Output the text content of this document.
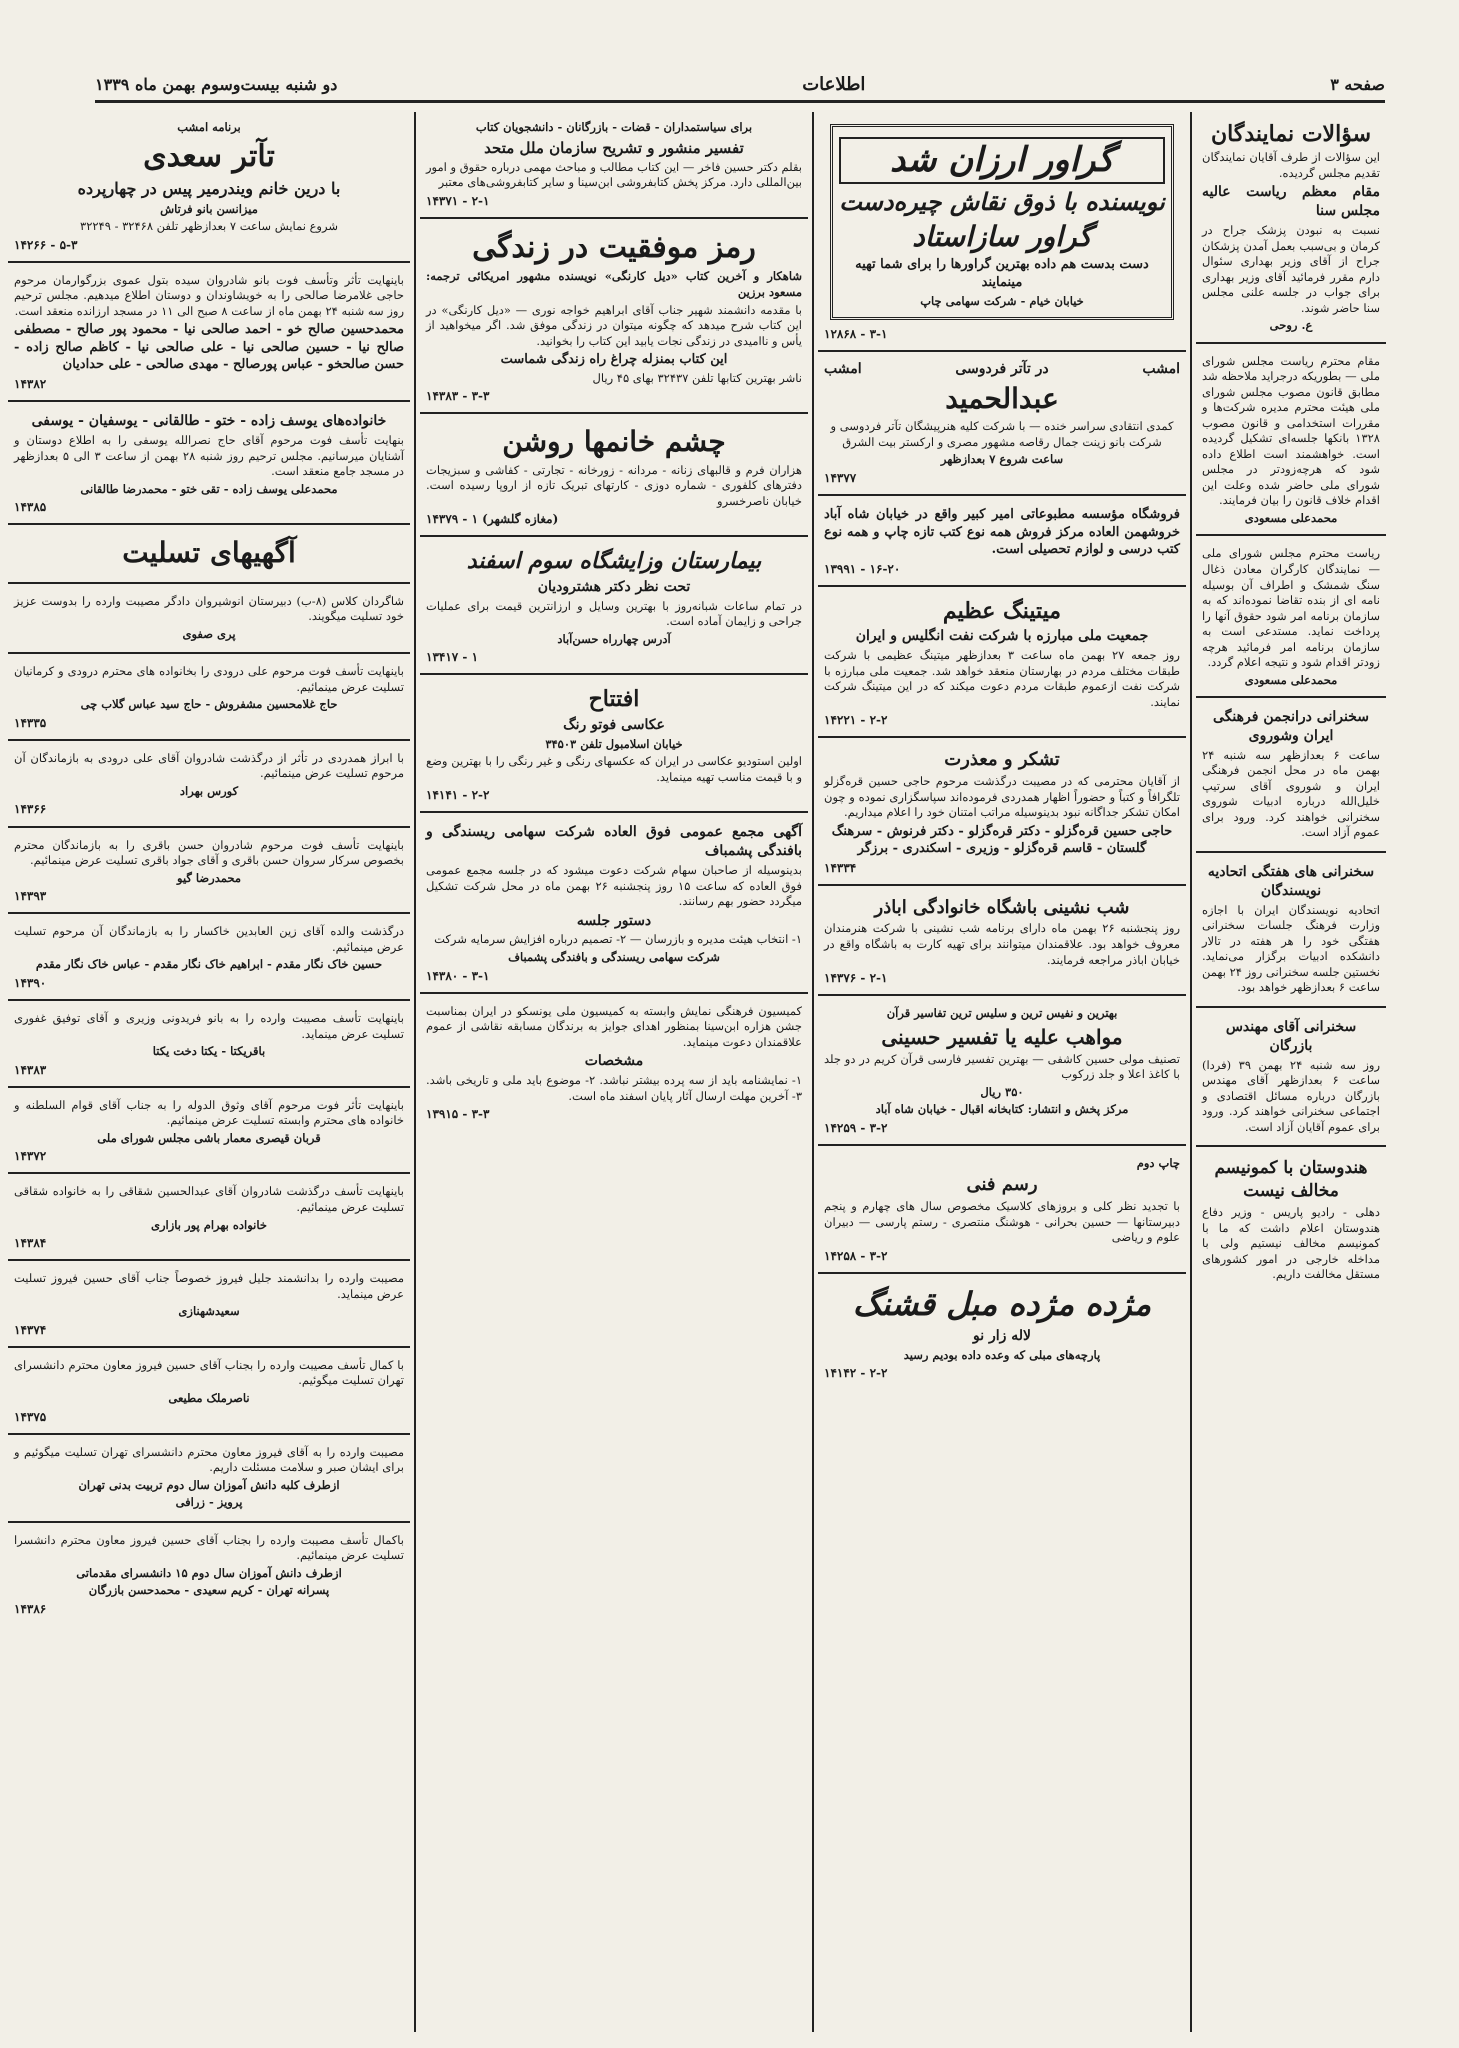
صفحه ۳
اطلاعات
دو شنبه بیست‌وسوم بهمن ماه ۱۳۳۹
سؤالات نمایندگان
این سؤالات از طرف آقایان نمایندگان تقدیم مجلس گردیده.
مقام معظم ریاست عالیه مجلس سنا
نسبت به نبودن پزشک جراح در کرمان و بی‌سبب بعمل آمدن پزشکان جراح از آقای وزیر بهداری سئوال دارم مقرر فرمائید آقای وزیر بهداری برای جواب در جلسه علنی مجلس سنا حاضر شوند.
ع. روحی
مقام محترم ریاست مجلس شورای ملی — بطوریکه درجراید ملاحظه شد مطابق قانون مصوب مجلس شورای ملی هیئت محترم مدیره شرکت‌ها و مقررات استخدامی و قانون مصوب ۱۳۲۸ بانکها جلسه‌ای تشکیل گردیده است. خواهشمند است اطلاع داده شود که هرچه‌زودتر در مجلس شورای ملی حاضر شده وعلت این اقدام خلاف قانون را بیان فرمایند.
محمدعلی مسعودی
ریاست محترم مجلس شورای ملی — نمایندگان کارگران معادن ذغال سنگ شمشک و اطراف آن بوسیله نامه ای از بنده تقاضا نموده‌اند که به سازمان برنامه امر شود حقوق آنها را پرداخت نماید. مستدعی است به سازمان برنامه امر فرمائید هرچه زودتر اقدام شود و نتیجه اعلام گردد.
محمدعلی مسعودی
سخنرانی درانجمن فرهنگی ایران وشوروی
ساعت ۶ بعدازظهر سه شنبه ۲۴ بهمن ماه در محل انجمن فرهنگی ایران و شوروی آقای سرتیپ خلیل‌الله درباره ادبیات شوروی سخنرانی خواهند کرد. ورود برای عموم آزاد است.
سخنرانی های هفتگی اتحادیه نویسندگان
اتحادیه نویسندگان ایران با اجازه وزارت فرهنگ جلسات سخنرانی هفتگی خود را هر هفته در تالار دانشکده ادبیات برگزار می‌نماید. نخستین جلسه سخنرانی روز ۲۴ بهمن ساعت ۶ بعدازظهر خواهد بود.
سخنرانی آقای مهندس بازرگان
روز سه شنبه ۲۴ بهمن ۳۹ (فردا) ساعت ۶ بعدازظهر آقای مهندس بازرگان درباره مسائل اقتصادی و اجتماعی سخنرانی خواهند کرد. ورود برای عموم آقایان آزاد است.
هندوستان با کمونیسم مخالف نیست
دهلی - رادیو پاریس - وزیر دفاع هندوستان اعلام داشت که ما با کمونیسم مخالف نیستیم ولی با مداخله خارجی در امور کشورهای مستقل مخالفت داریم.
گراور ارزان شد
نویسنده با ذوق نقاش چیره‌دست
گراور سازاستاد
دست بدست هم داده بهترین گراورها را برای شما تهیه مینمایند
خیابان خیام - شرکت سهامی چاپ
۱۲۸۶۸ - ۳-۱
امشب
در تآتر فردوسی
امشب
عبدالحمید
کمدی انتقادی سراسر خنده — با شرکت کلیه هنرپیشگان تآتر فردوسی و شرکت بانو زینت جمال رقاصه مشهور مصری و ارکستر بیت الشرق
ساعت شروع ۷ بعدازظهر
۱۴۳۷۷
فروشگاه مؤسسه مطبوعاتی امیر کبیر واقع در خیابان شاه آباد خروشهمن العاده مرکز فروش همه نوع کتب تازه چاپ و همه نوع کتب درسی و لوازم تحصیلی است.
۱۳۹۹۱ - ۱۶-۲۰
میتینگ عظیم
جمعیت ملی مبارزه با شرکت نفت انگلیس و ایران
روز جمعه ۲۷ بهمن ماه ساعت ۳ بعدازظهر میتینگ عظیمی با شرکت طبقات مختلف مردم در بهارستان منعقد خواهد شد. جمعیت ملی مبارزه با شرکت نفت ازعموم طبقات مردم دعوت میکند که در این میتینگ شرکت نمایند.
۱۴۲۲۱ - ۲-۲
تشکر و معذرت
از آقایان محترمی که در مصیبت درگذشت مرحوم حاجی حسین قره‌گزلو تلگرافاً و کتباً و حضوراً اظهار همدردی فرموده‌اند سپاسگزاری نموده و چون امکان تشکر جداگانه نبود بدینوسیله مراتب امتنان خود را اعلام میداریم.
حاجی حسین قره‌گزلو - دکتر قره‌گزلو - دکتر فرنوش - سرهنگ گلستان - قاسم قره‌گزلو - وزیری - اسکندری - برزگر
۱۴۳۳۴
شب نشینی باشگاه خانوادگی اباذر
روز پنجشنبه ۲۶ بهمن ماه دارای برنامه شب نشینی با شرکت هنرمندان معروف خواهد بود. علاقمندان میتوانند برای تهیه کارت به باشگاه واقع در خیابان اباذر مراجعه فرمایند.
۱۴۳۷۶ - ۲-۱
بهترین و نفیس ترین و سلیس ترین تفاسیر قرآن
مواهب علیه یا تفسیر حسینی
تصنیف مولی حسین کاشفی — بهترین تفسیر فارسی قرآن کریم در دو جلد با کاغذ اعلا و جلد زرکوب
۳۵۰ ریال
مرکز پخش و انتشار: کتابخانه اقبال - خیابان شاه آباد
۱۴۲۵۹ - ۳-۲
چاپ دوم
رسم فنی
با تجدید نظر کلی و بروزهای کلاسیک مخصوص سال های چهارم و پنجم دبیرستانها — حسین بحرانی - هوشنگ منتصری - رستم پارسی — دبیران علوم و ریاضی
۱۴۲۵۸ - ۳-۲
مژده مژده مبل قشنگ
لاله زار نو
پارچه‌های مبلی که وعده داده بودیم رسید
۱۴۱۴۲ - ۲-۲
برای سیاستمداران - قضات - بازرگانان - دانشجویان کتاب
تفسیر منشور و تشریح سازمان ملل متحد
بقلم دکتر حسین فاخر — این کتاب مطالب و مباحث مهمی درباره حقوق و امور بین‌المللی دارد. مرکز پخش کتابفروشی ابن‌سینا و سایر کتابفروشی‌های معتبر
۱۴۳۷۱ - ۲-۱
رمز موفقیت در زندگی
شاهکار و آخرین کتاب «دیل کارنگی» نویسنده مشهور امریکائی ترجمه: مسعود برزین
با مقدمه دانشمند شهیر جناب آقای ابراهیم خواجه نوری — «دیل کارنگی» در این کتاب شرح میدهد که چگونه میتوان در زندگی موفق شد. اگر میخواهید از یأس و ناامیدی در زندگی نجات یابید این کتاب را بخوانید.
این کتاب بمنزله چراغ راه زندگی شماست
ناشر بهترین کتابها تلفن ۳۲۴۳۷ بهای ۴۵ ریال
۱۴۳۸۳ - ۳-۳
چشم خانمها روشن
هزاران فرم و قالبهای زنانه - مردانه - زورخانه - تجارتی - کفاشی و سبزیجات دفترهای کلفوری - شماره دوزی - کارتهای تبریک تازه از اروپا رسیده است. خیابان ناصرخسرو
۱۴۳۷۹ - ۱ (مغازه گلشهر)
بیمارستان وزایشگاه سوم اسفند
تحت نظر دکتر هشترودیان
در تمام ساعات شبانه‌روز با بهترین وسایل و ارزانترین قیمت برای عملیات جراحی و زایمان آماده است.
آدرس چهارراه حسن‌آباد
۱۳۴۱۷ - ۱
افتتاح
عکاسی فوتو رنگ
خیابان اسلامبول تلفن ۳۴۵۰۳
اولین استودیو عکاسی در ایران که عکسهای رنگی و غیر رنگی را با بهترین وضع و با قیمت مناسب تهیه مینماید.
۱۴۱۴۱ - ۲-۲
آگهی مجمع عمومی فوق العاده شرکت سهامی ریسندگی و بافندگی پشمباف
بدینوسیله از صاحبان سهام شرکت دعوت میشود که در جلسه مجمع عمومی فوق العاده که ساعت ۱۵ روز پنجشنبه ۲۶ بهمن ماه در محل شرکت تشکیل میگردد حضور بهم رسانند.
دستور جلسه
۱- انتخاب هیئت مدیره و بازرسان — ۲- تصمیم درباره افزایش سرمایه شرکت
شرکت سهامی ریسندگی و بافندگی پشمباف
۱۴۳۸۰ - ۳-۱
کمیسیون فرهنگی نمایش وابسته به کمیسیون ملی یونسکو در ایران بمناسبت جشن هزاره ابن‌سینا بمنظور اهدای جوایز به برندگان مسابقه نقاشی از عموم علاقمندان دعوت مینماید.
مشخصات
۱- نمایشنامه باید از سه پرده بیشتر نباشد. ۲- موضوع باید ملی و تاریخی باشد. ۳- آخرین مهلت ارسال آثار پایان اسفند ماه است.
۱۳۹۱۵ - ۳-۳
برنامه امشب
تآتر سعدی
با درین خانم ویندرمیر پیس در چهارپرده
میزانسن بانو فرتاش
شروع نمایش ساعت ۷ بعدازظهر تلفن ۳۲۴۶۸ - ۳۲۲۴۹
۱۴۲۶۶ - ۵-۳
باینهایت تأثر وتأسف فوت بانو شادروان سیده بتول عموی بزرگوارمان مرحوم حاجی غلامرضا صالحی را به خویشاوندان و دوستان اطلاع میدهیم. مجلس ترحیم روز سه شنبه ۲۴ بهمن ماه از ساعت ۸ صبح الی ۱۱ در مسجد ارزانده منعقد است.
محمدحسین صالح خو - احمد صالحی نیا - محمود پور صالح - مصطفی صالح نیا - حسین صالحی نیا - علی صالحی نیا - کاظم صالح زاده - حسن صالحخو - عباس پورصالح - مهدی صالحی - علی حدادیان
۱۴۳۸۲
خانواده‌های یوسف زاده - ختو - طالقانی - یوسفیان - یوسفی
بنهایت تأسف فوت مرحوم آقای حاج نصرالله یوسفی را به اطلاع دوستان و آشنایان میرسانیم. مجلس ترحیم روز شنبه ۲۸ بهمن از ساعت ۳ الی ۵ بعدازظهر در مسجد جامع منعقد است.
محمدعلی یوسف زاده - تقی ختو - محمدرضا طالقانی
۱۴۳۸۵
آگهیهای تسلیت
شاگردان کلاس (۸-ب) دبیرستان انوشیروان دادگر مصیبت وارده را بدوست عزیز خود تسلیت میگویند.
پری صفوی
باینهایت تأسف فوت مرحوم علی درودی را بخانواده های محترم درودی و کرمانیان تسلیت عرض مینمائیم.
حاج غلامحسین مشفروش - حاج سید عباس گلاب چی
۱۴۳۳۵
با ابراز همدردی در تأثر از درگذشت شادروان آقای علی درودی به بازماندگان آن مرحوم تسلیت عرض مینمائیم.
کورس بهراد
۱۴۳۶۶
باینهایت تأسف فوت مرحوم شادروان حسن باقری را به بازماندگان محترم بخصوص سرکار سروان حسن باقری و آقای جواد باقری تسلیت عرض مینمائیم.
محمدرضا گیو
۱۴۳۹۳
درگذشت والده آقای زین العابدین خاکسار را به بازماندگان آن مرحوم تسلیت عرض مینمائیم.
حسین خاک نگار مقدم - ابراهیم خاک نگار مقدم - عباس خاک نگار مقدم
۱۴۳۹۰
باینهایت تأسف مصیبت وارده را به بانو فریدونی وزیری و آقای توفیق غفوری تسلیت عرض مینماید.
باقریکتا - یکتا دخت یکتا
۱۴۳۸۳
باینهایت تأثر فوت مرحوم آقای وثوق الدوله را به جناب آقای قوام السلطنه و خانواده های محترم وابسته تسلیت عرض مینمائیم.
قربان قیصری معمار باشی مجلس شورای ملی
۱۴۳۷۲
باینهایت تأسف درگذشت شادروان آقای عبدالحسین شقاقی را به خانواده شقاقی تسلیت عرض مینمائیم.
خانواده بهرام پور بازاری
۱۴۳۸۴
مصیبت وارده را بدانشمند جلیل فیروز خصوصاً جناب آقای حسین فیروز تسلیت عرض مینماید.
سعیدشهنازی
۱۴۳۷۴
با کمال تأسف مصیبت وارده را بجناب آقای حسین فیروز معاون محترم دانشسرای تهران تسلیت میگوئیم.
ناصرملک مطیعی
۱۴۳۷۵
مصیبت وارده را به آقای فیروز معاون محترم دانشسرای تهران تسلیت میگوئیم و برای ایشان صبر و سلامت مسئلت داریم.
ازطرف کلبه دانش آموزان سال دوم تربیت بدنی تهران
پرویز - زرافی
باکمال تأسف مصیبت وارده را بجناب آقای حسین فیروز معاون محترم دانشسرا تسلیت عرض مینمائیم.
ازطرف دانش آموزان سال دوم ۱۵ دانشسرای مقدماتی
پسرانه تهران - کریم سعیدی - محمدحسن بازرگان
۱۴۳۸۶
